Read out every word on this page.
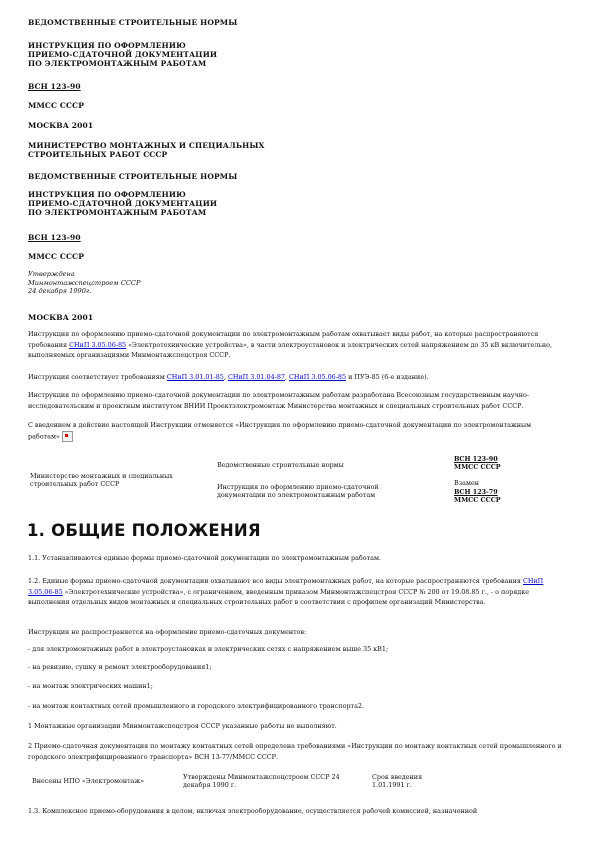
ВЕДОМСТВЕННЫЕ СТРОИТЕЛЬНЫЕ НОРМЫ
ИНСТРУКЦИЯ ПО ОФОРМЛЕНИЮ
ПРИЕМО-СДАТОЧНОЙ ДОКУМЕНТАЦИИ
ПО ЭЛЕКТРОМОНТАЖНЫМ РАБОТАМ
ВСН 123-90
ММСС СССР
МОСКВА 2001
МИНИСТЕРСТВО МОНТАЖНЫХ И СПЕЦИАЛЬНЫХ
СТРОИТЕЛЬНЫХ РАБОТ СССР
ВЕДОМСТВЕННЫЕ СТРОИТЕЛЬНЫЕ НОРМЫ
ИНСТРУКЦИЯ ПО ОФОРМЛЕНИЮ
ПРИЕМО-СДАТОЧНОЙ ДОКУМЕНТАЦИИ
ПО ЭЛЕКТРОМОНТАЖНЫМ РАБОТАМ
ВСН 123-90
ММСС СССР
Утверждена
Минмонтажспецстроем СССР
24 декабря 1990г.
МОСКВА 2001
Инструкция по оформлению приемо-сдаточной документации по электромонтажным работам охватывает виды работ, на которые распространяются требования СНиП 3.05.06-85 «Электротехнические устройства», в части электроустановок и электрических сетей напряжением до 35 кВ включительно, выполняемых организациями Минмонтажспецстроя СССР.
Инструкция соответствует требованиям СНиП 3.01.01-85, СНиП 3.01.04-87, СНиП 3.05.06-85 и ПУЭ-85 (6-е издание).
Инструкция по оформлению приемо-сдаточной документации по электромонтажным работам разработана Всесоюзным государственным научно-исследовательским и проектным институтом ВНИИ Проектэлектромонтаж Министерства монтажных и специальных строительных работ СССР.
С введением в действие настоящей Инструкции отменяется «Инструкция по оформлению приемо-сдаточной документации по электромонтажным работам»
Министерство монтажных и специальных строительных работ СССР
Ведомственные строительные нормы
Инструкция по оформлению приемо-сдаточной документации по электромонтажным работам
ВСН 123-90
ММСС СССР
Взамен
ВСН 123-79
ММСС СССР
1. ОБЩИЕ ПОЛОЖЕНИЯ
1.1. Устанавливаются единые формы приемо-сдаточной документации по электромонтажным работам.
1.2. Единые формы приемо-сдаточной документации охватывают все виды электромонтажных работ, на которые распространяются требования СНиП 3.05.06-85 «Электротехнические устройства», с ограничением, введенным приказом Минмонтажспецстроя СССР № 200 от 19.08.85 г., - о порядке выполнения отдельных видов монтажных и специальных строительных работ в соответствии с профилем организаций Министерства.
Инструкция не распространяется на оформление приемо-сдаточных документов:
- для электромонтажных работ в электроустановках и электрических сетях с напряжением выше 35 кВ1;
- на ревизию, сушку и ремонт электрооборудования1;
- на монтаж электрических машин1;
- на монтаж контактных сетей промышленного и городского электрифицированного транспорта2.
1 Монтажные организации Минмонтажспецстроя СССР указанные работы не выполняют.
2 Приемо-сдаточная документация по монтажу контактных сетей определена требованиями «Инструкции по монтажу контактных сетей промышленного и городского электрифицированного транспорта» ВСН 13-77/ММСС СССР.
Внесены НПО «Электромонтаж»	Утверждены Минмонтажспецстроем СССР 24 декабря 1990 г.
Срок введения
1.01.1991 г.
1.3. Комплексное приемо-оборудования в целом, включая электрооборудование, осуществляется рабочей комиссией, назначенной
